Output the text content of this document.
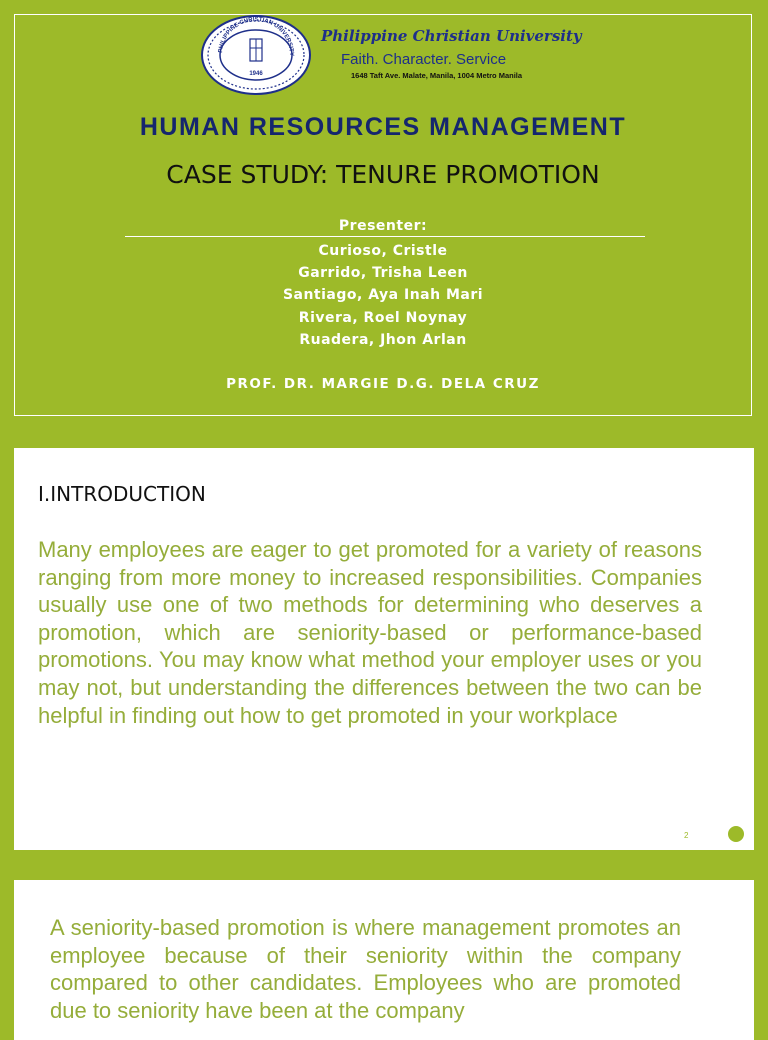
PHILIPPINE CHRISTIAN UNIVERSITY
1946
Philippine Christian University
Faith. Character. Service
1648 Taft Ave. Malate, Manila, 1004 Metro Manila
HUMAN RESOURCES MANAGEMENT
CASE STUDY: TENURE PROMOTION
Presenter:
Curioso, Cristle
Garrido, Trisha Leen
Santiago, Aya Inah Mari
Rivera, Roel Noynay
Ruadera, Jhon Arlan
PROF. DR. MARGIE D.G. DELA CRUZ
I.INTRODUCTION

Many employees are eager to get promoted for a variety of reasons ranging from more money to increased responsibilities. Companies usually use one of two methods for determining who deserves a promotion, which are seniority-based or performance-based promotions. You may know what method your employer uses or you may not, but understanding the differences between the two can be helpful in finding out how to get promoted in your workplace

2

A seniority-based promotion is where management promotes an employee because of their seniority within the company compared to other candidates. Employees who are promoted due to seniority have been at the company
